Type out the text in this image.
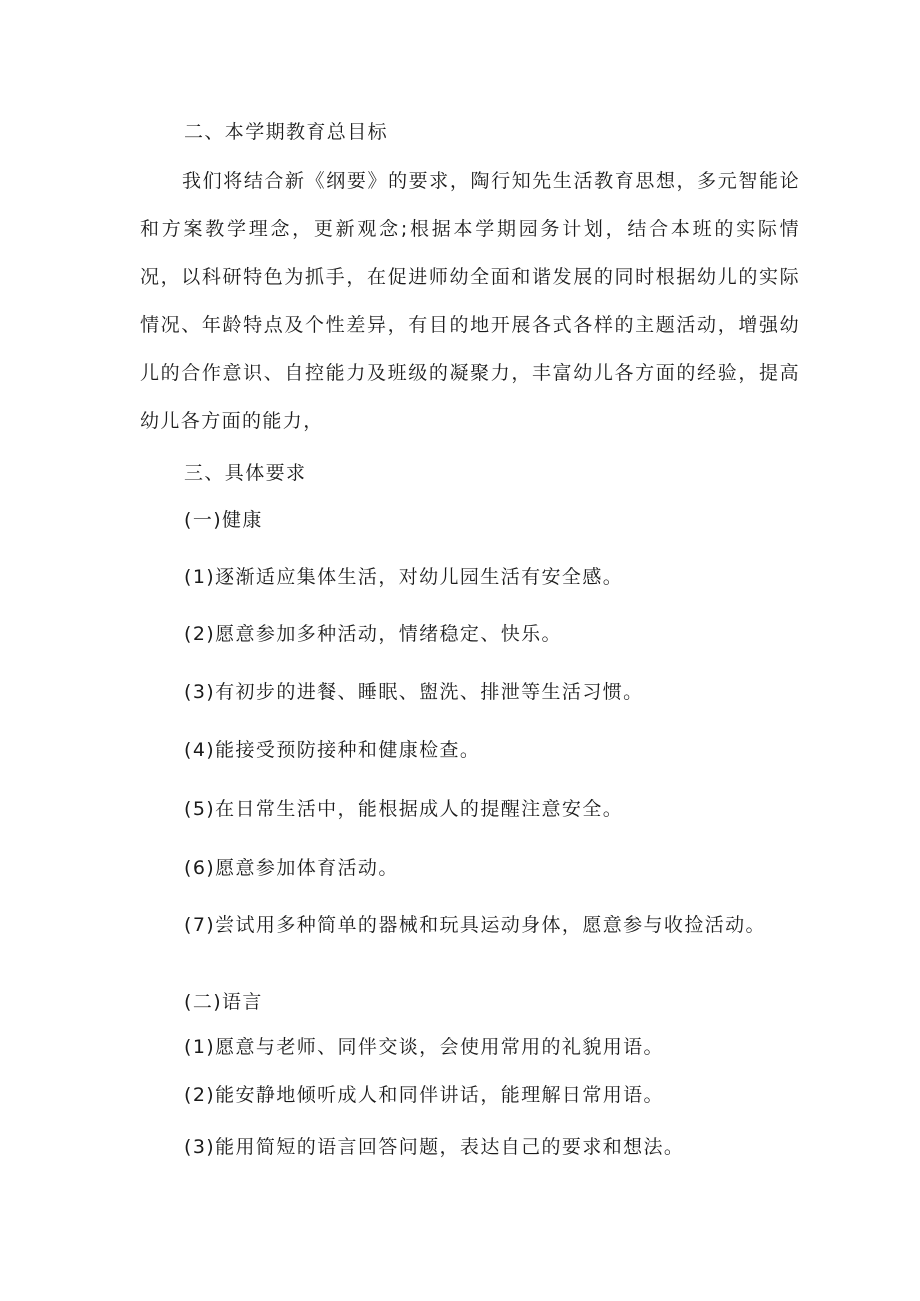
二、本学期教育总目标
我们将结合新《纲要》的要求，陶行知先生活教育思想，多元智能论和方案教学理念，更新观念;根据本学期园务计划，结合本班的实际情况，以科研特色为抓手，在促进师幼全面和谐发展的同时根据幼儿的实际情况、年龄特点及个性差异，有目的地开展各式各样的主题活动，增强幼儿的合作意识、自控能力及班级的凝聚力，丰富幼儿各方面的经验，提高幼儿各方面的能力，
三、具体要求
(一)健康
(1)逐渐适应集体生活，对幼儿园生活有安全感。
(2)愿意参加多种活动，情绪稳定、快乐。
(3)有初步的进餐、睡眠、盥洗、排泄等生活习惯。
(4)能接受预防接种和健康检查。
(5)在日常生活中，能根据成人的提醒注意安全。
(6)愿意参加体育活动。
(7)尝试用多种简单的器械和玩具运动身体，愿意参与收捡活动。
(二)语言
(1)愿意与老师、同伴交谈，会使用常用的礼貌用语。
(2)能安静地倾听成人和同伴讲话，能理解日常用语。
(3)能用简短的语言回答问题，表达自己的要求和想法。
